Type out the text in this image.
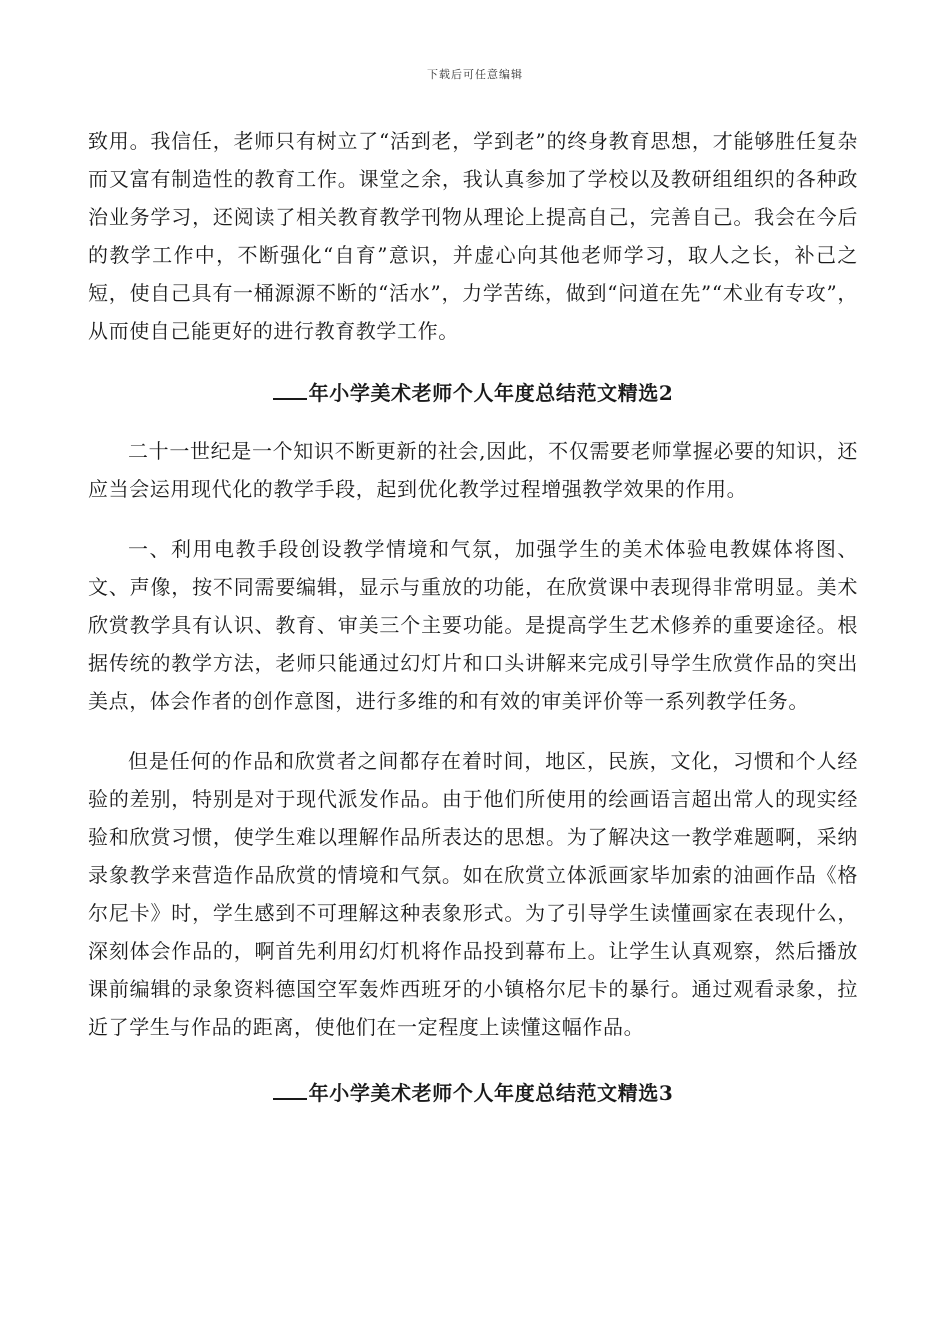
下载后可任意编辑

致用。我信任，老师只有树立了“活到老，学到老”的终身教育思想，才能够胜任复杂而又富有制造性的教育工作。课堂之余，我认真参加了学校以及教研组组织的各种政治业务学习，还阅读了相关教育教学刊物从理论上提高自己，完善自己。我会在今后的教学工作中，不断强化“自育”意识，并虚心向其他老师学习，取人之长，补己之短，使自己具有一桶源源不断的“活水”，力学苦练，做到“问道在先”“术业有专攻”，从而使自己能更好的进行教育教学工作。

年小学美术老师个人年度总结范文精选2

二十一世纪是一个知识不断更新的社会,因此，不仅需要老师掌握必要的知识，还应当会运用现代化的教学手段，起到优化教学过程增强教学效果的作用。

一、利用电教手段创设教学情境和气氛，加强学生的美术体验电教媒体将图、文、声像，按不同需要编辑，显示与重放的功能，在欣赏课中表现得非常明显。美术欣赏教学具有认识、教育、审美三个主要功能。是提高学生艺术修养的重要途径。根据传统的教学方法，老师只能通过幻灯片和口头讲解来完成引导学生欣赏作品的突出美点，体会作者的创作意图，进行多维的和有效的审美评价等一系列教学任务。

但是任何的作品和欣赏者之间都存在着时间，地区，民族，文化，习惯和个人经验的差别，特别是对于现代派发作品。由于他们所使用的绘画语言超出常人的现实经验和欣赏习惯，使学生难以理解作品所表达的思想。为了解决这一教学难题啊，采纳录象教学来营造作品欣赏的情境和气氛。如在欣赏立体派画家毕加索的油画作品《格尔尼卡》时，学生感到不可理解这种表象形式。为了引导学生读懂画家在表现什么，深刻体会作品的，啊首先利用幻灯机将作品投到幕布上。让学生认真观察，然后播放课前编辑的录象资料德国空军轰炸西班牙的小镇格尔尼卡的暴行。通过观看录象，拉近了学生与作品的距离，使他们在一定程度上读懂这幅作品。

年小学美术老师个人年度总结范文精选3
